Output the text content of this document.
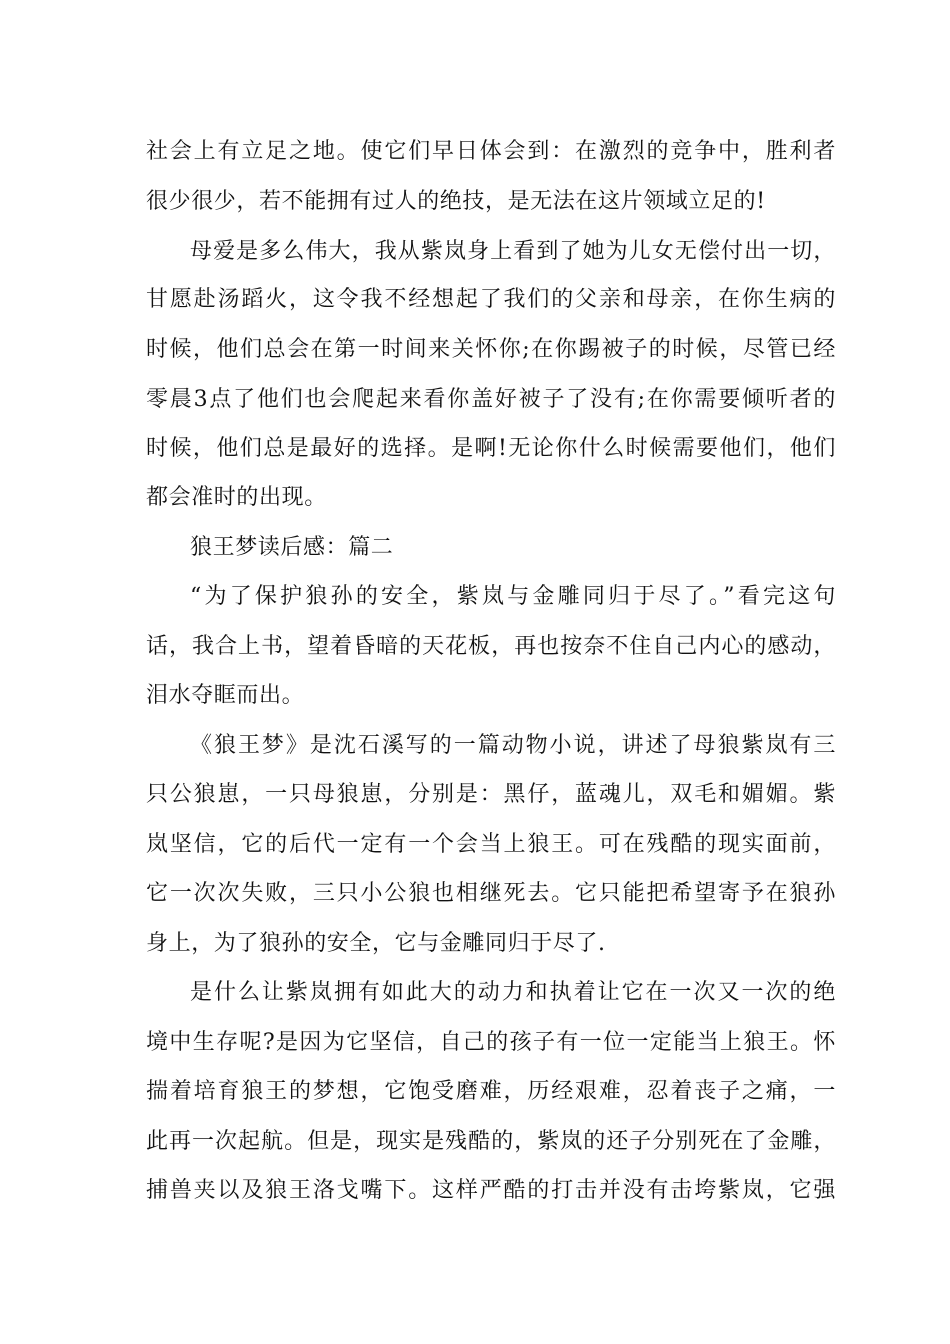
社会上有立足之地。使它们早日体会到：在激烈的竞争中，胜利者
很少很少，若不能拥有过人的绝技，是无法在这片领域立足的!
母爱是多么伟大，我从紫岚身上看到了她为儿女无偿付出一切，
甘愿赴汤蹈火，这令我不经想起了我们的父亲和母亲，在你生病的
时候，他们总会在第一时间来关怀你;在你踢被子的时候，尽管已经
零晨3点了他们也会爬起来看你盖好被子了没有;在你需要倾听者的
时候，他们总是最好的选择。是啊!无论你什么时候需要他们，他们
都会准时的出现。
狼王梦读后感：篇二
“为了保护狼孙的安全，紫岚与金雕同归于尽了。”看完这句
话，我合上书，望着昏暗的天花板，再也按奈不住自己内心的感动，
泪水夺眶而出。
《狼王梦》是沈石溪写的一篇动物小说，讲述了母狼紫岚有三
只公狼崽，一只母狼崽，分别是：黑仔，蓝魂儿，双毛和媚媚。紫
岚坚信，它的后代一定有一个会当上狼王。可在残酷的现实面前，
它一次次失败，三只小公狼也相继死去。它只能把希望寄予在狼孙
身上，为了狼孙的安全，它与金雕同归于尽了.
是什么让紫岚拥有如此大的动力和执着让它在一次又一次的绝
境中生存呢?是因为它坚信，自己的孩子有一位一定能当上狼王。怀
揣着培育狼王的梦想，它饱受磨难，历经艰难，忍着丧子之痛，一
此再一次起航。但是，现实是残酷的，紫岚的还子分别死在了金雕，
捕兽夹以及狼王洛戈嘴下。这样严酷的打击并没有击垮紫岚，它强
